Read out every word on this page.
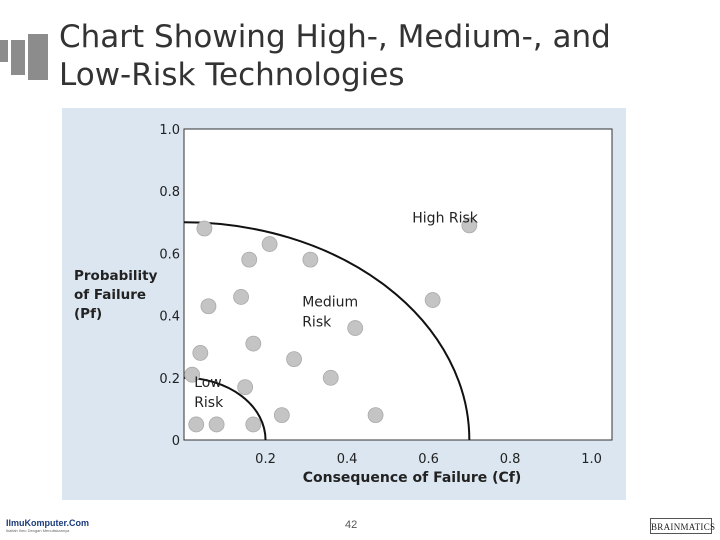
Chart Showing High-, Medium-, and
Low-Risk Technologies
1.0
0.8
0.6
0.4
0.2
0
0.2	0.4	0.6	0.8	1.0
Low
Risk
Medium
Risk
High Risk
Probability
of Failure
(Pf)
Consequence of Failure (Cf)
IlmuKomputer.Com
Ikatlah Ilmu Dengan Menuliskannya	42	BRAINMATICS
